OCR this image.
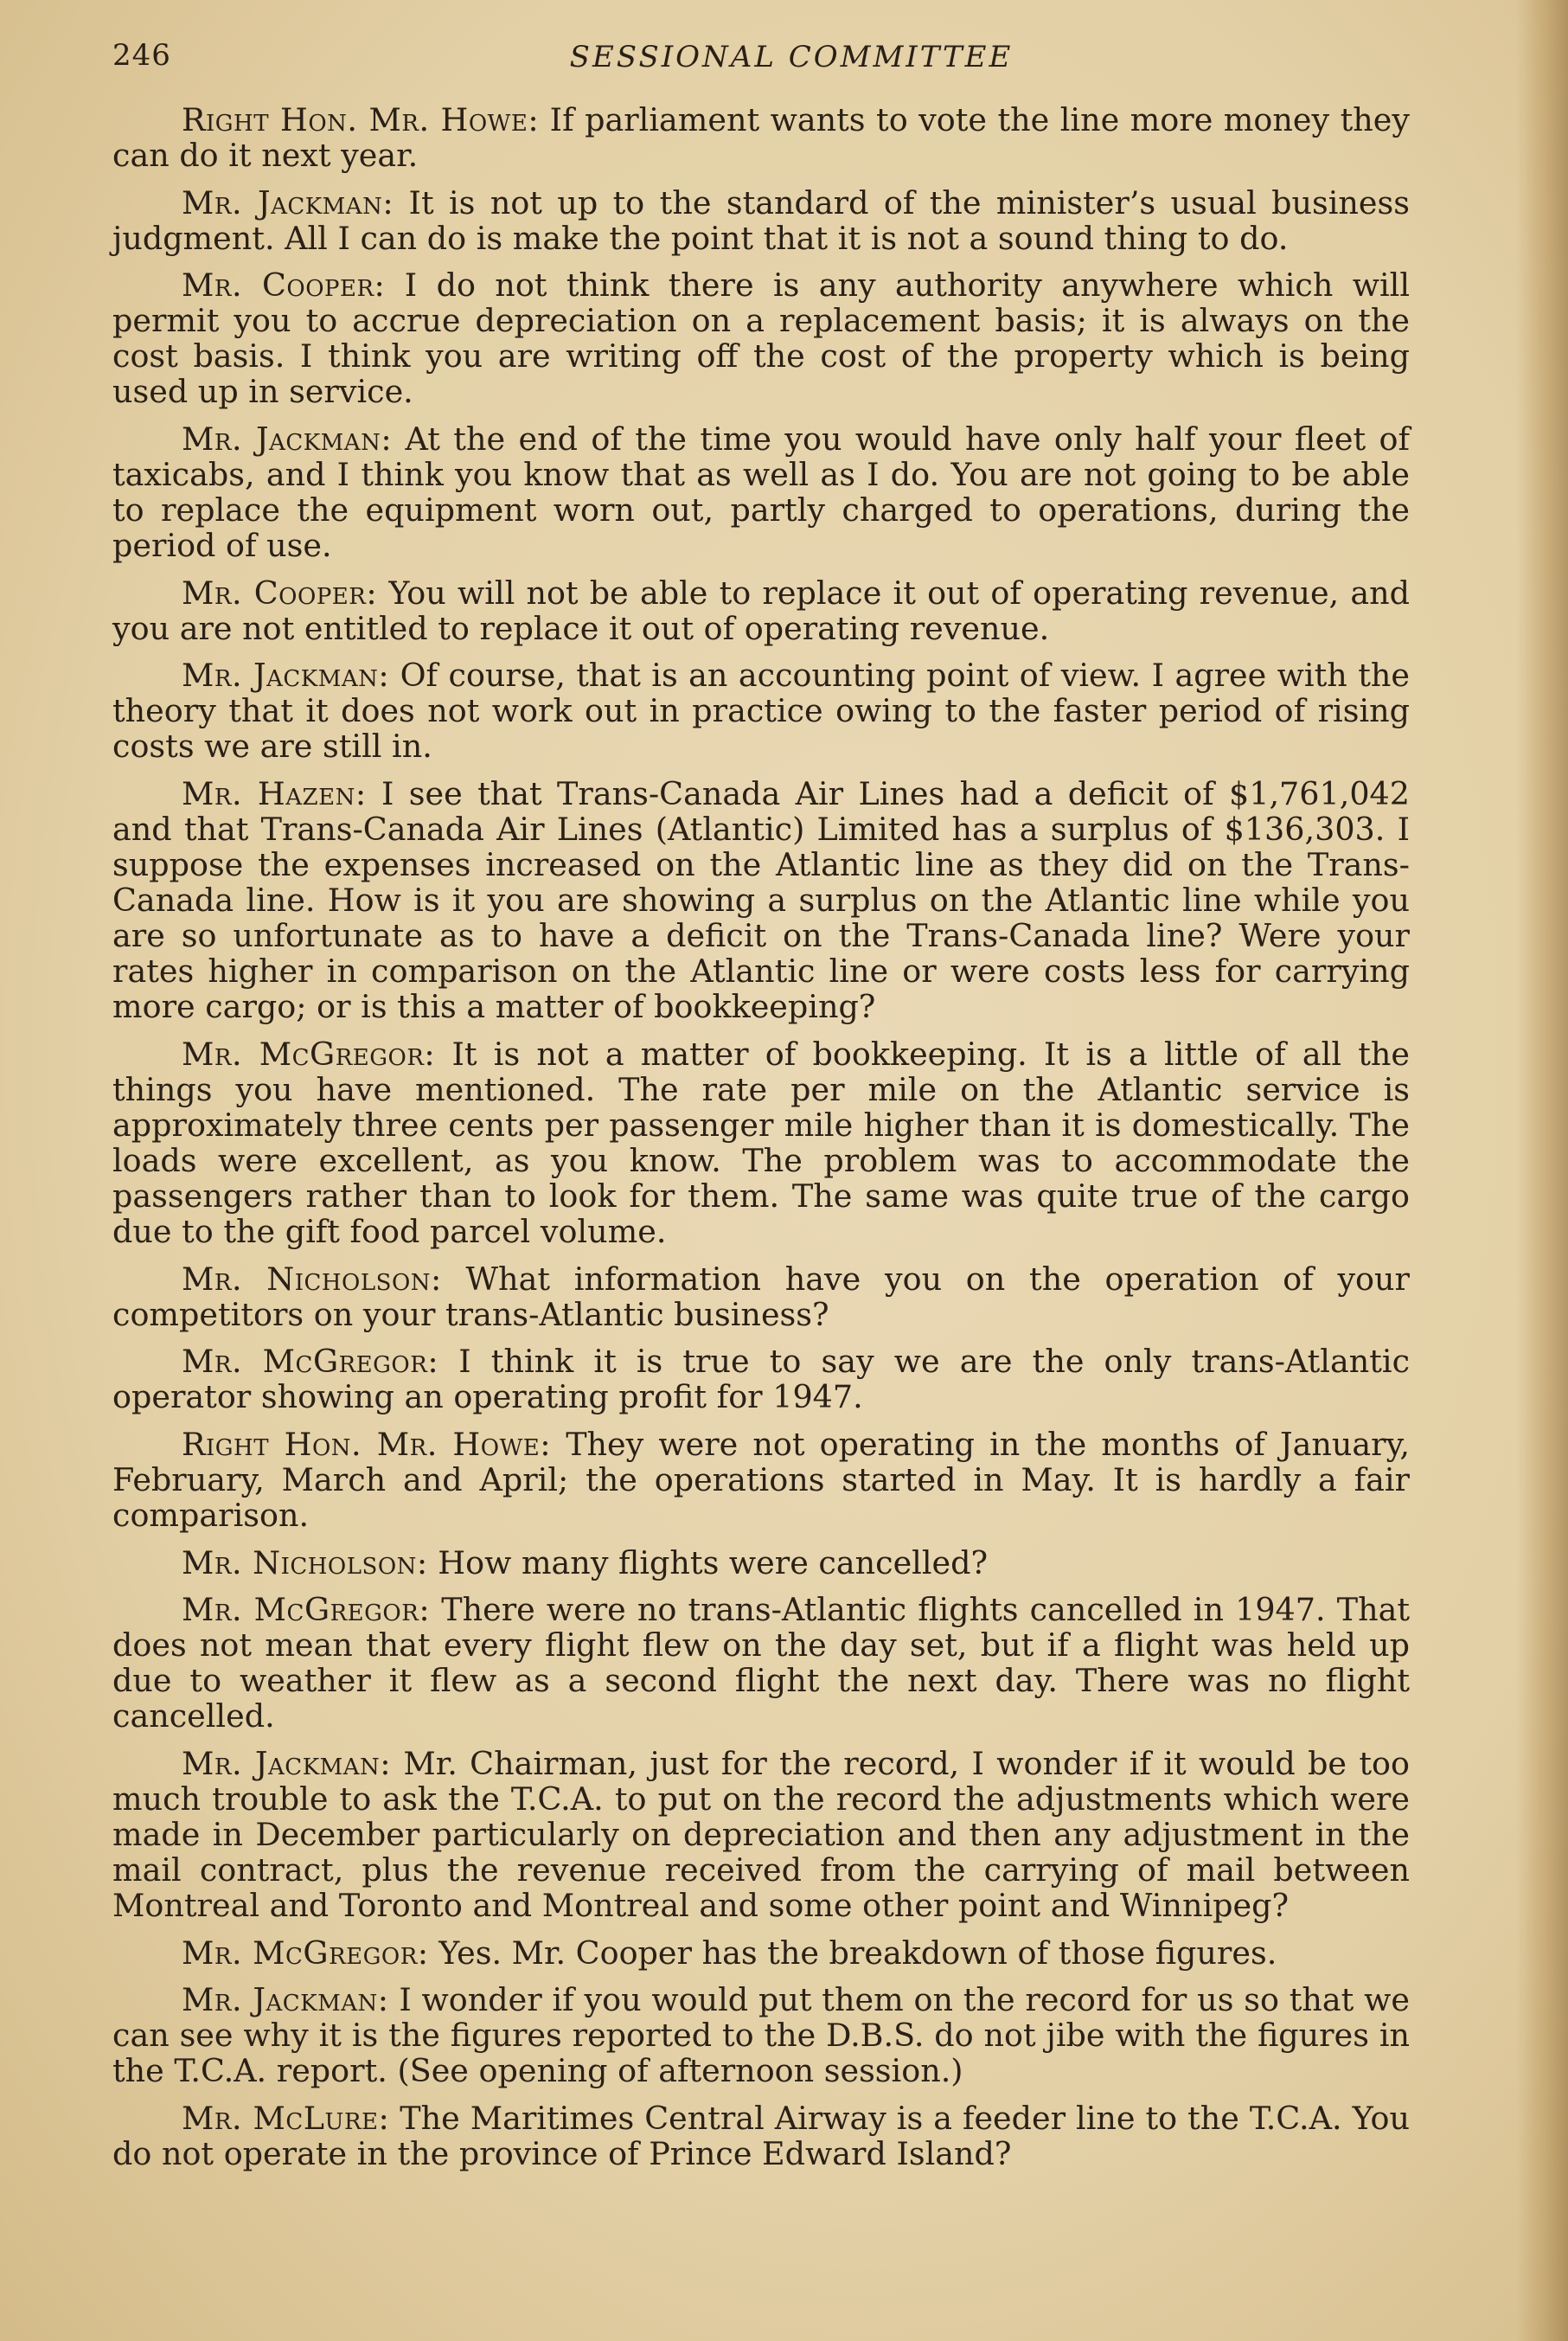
246	SESSIONAL COMMITTEE

Right Hon. Mr. Howe: If parliament wants to vote the line more money they can do it next year.

Mr. Jackman: It is not up to the standard of the minister’s usual business judgment. All I can do is make the point that it is not a sound thing to do.

Mr. Cooper: I do not think there is any authority anywhere which will permit you to accrue depreciation on a replacement basis; it is always on the cost basis. I think you are writing off the cost of the property which is being used up in service.

Mr. Jackman: At the end of the time you would have only half your fleet of taxicabs, and I think you know that as well as I do. You are not going to be able to replace the equipment worn out, partly charged to operations, during the period of use.

Mr. Cooper: You will not be able to replace it out of operating revenue, and you are not entitled to replace it out of operating revenue.

Mr. Jackman: Of course, that is an accounting point of view. I agree with the theory that it does not work out in practice owing to the faster period of rising costs we are still in.

Mr. Hazen: I see that Trans-Canada Air Lines had a deficit of $1,761,042 and that Trans-Canada Air Lines (Atlantic) Limited has a surplus of $136,303. I suppose the expenses increased on the Atlantic line as they did on the Trans-Canada line. How is it you are showing a surplus on the Atlantic line while you are so unfortunate as to have a deficit on the Trans-Canada line? Were your rates higher in comparison on the Atlantic line or were costs less for carrying more cargo; or is this a matter of bookkeeping?

Mr. McGregor: It is not a matter of bookkeeping. It is a little of all the things you have mentioned. The rate per mile on the Atlantic service is approximately three cents per passenger mile higher than it is domestically. The loads were excellent, as you know. The problem was to accommodate the passengers rather than to look for them. The same was quite true of the cargo due to the gift food parcel volume.

Mr. Nicholson: What information have you on the operation of your competitors on your trans-Atlantic business?

Mr. McGregor: I think it is true to say we are the only trans-Atlantic operator showing an operating profit for 1947.

Right Hon. Mr. Howe: They were not operating in the months of January, February, March and April; the operations started in May. It is hardly a fair comparison.

Mr. Nicholson: How many flights were cancelled?

Mr. McGregor: There were no trans-Atlantic flights cancelled in 1947. That does not mean that every flight flew on the day set, but if a flight was held up due to weather it flew as a second flight the next day. There was no flight cancelled.

Mr. Jackman: Mr. Chairman, just for the record, I wonder if it would be too much trouble to ask the T.C.A. to put on the record the adjustments which were made in December particularly on depreciation and then any adjustment in the mail contract, plus the revenue received from the carrying of mail between Montreal and Toronto and Montreal and some other point and Winnipeg?

Mr. McGregor: Yes. Mr. Cooper has the breakdown of those figures.

Mr. Jackman: I wonder if you would put them on the record for us so that we can see why it is the figures reported to the D.B.S. do not jibe with the figures in the T.C.A. report. (See opening of afternoon session.)

Mr. McLure: The Maritimes Central Airway is a feeder line to the T.C.A. You do not operate in the province of Prince Edward Island?
